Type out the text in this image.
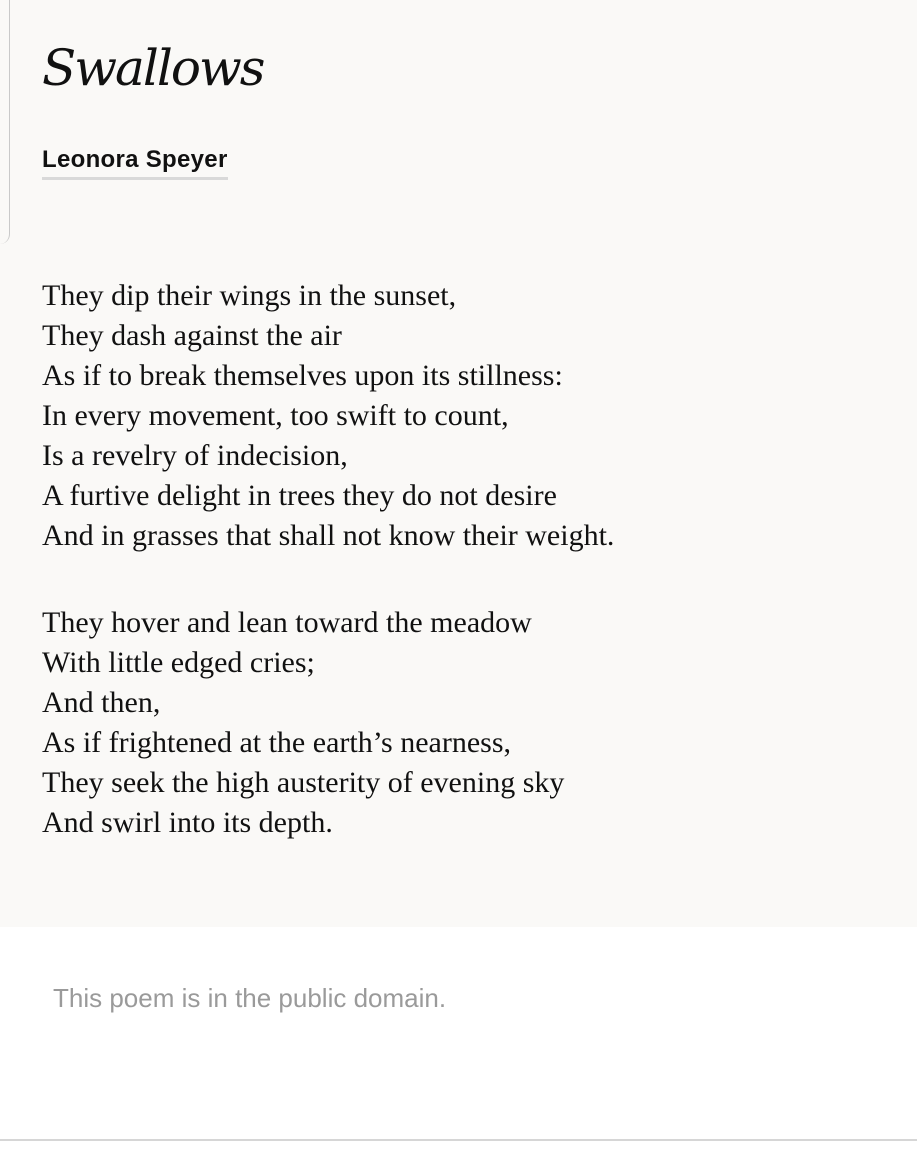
Swallows
Leonora Speyer
They dip their wings in the sunset,
They dash against the air
As if to break themselves upon its stillness:
In every movement, too swift to count,
Is a revelry of indecision,
A furtive delight in trees they do not desire
And in grasses that shall not know their weight.
They hover and lean toward the meadow
With little edged cries;
And then,
As if frightened at the earth’s nearness,
They seek the high austerity of evening sky
And swirl into its depth.

This poem is in the public domain.
